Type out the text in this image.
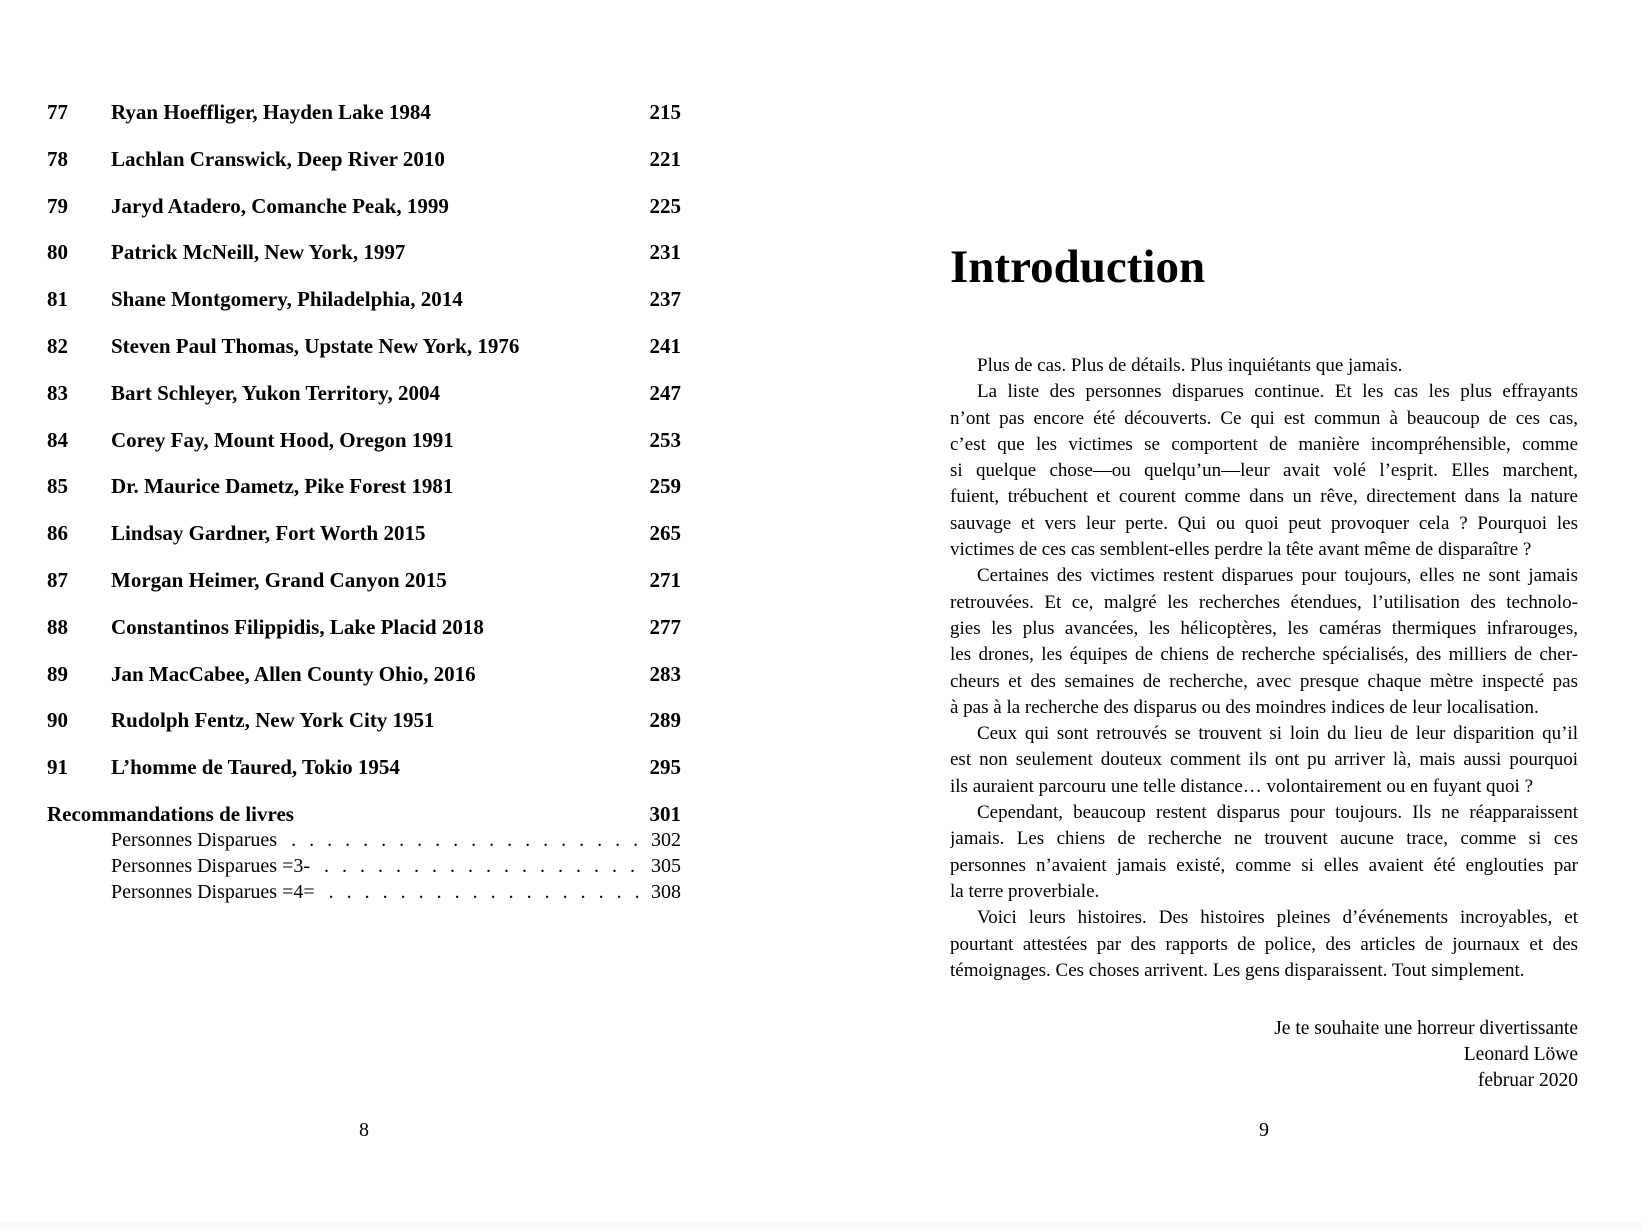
77	Ryan Hoeffliger, Hayden Lake 1984	215
78	Lachlan Cranswick, Deep River 2010	221
79	Jaryd Atadero, Comanche Peak, 1999	225
80	Patrick McNeill, New York, 1997	231
81	Shane Montgomery, Philadelphia, 2014	237
82	Steven Paul Thomas, Upstate New York, 1976	241
83	Bart Schleyer, Yukon Territory, 2004	247
84	Corey Fay, Mount Hood, Oregon 1991	253
85	Dr. Maurice Dametz, Pike Forest 1981	259
86	Lindsay Gardner, Fort Worth 2015	265
87	Morgan Heimer, Grand Canyon 2015	271
88	Constantinos Filippidis, Lake Placid 2018	277
89	Jan MacCabee, Allen County Ohio, 2016	283
90	Rudolph Fentz, New York City 1951	289
91	L’homme de Taured, Tokio 1954	295
Recommandations de livres	301
Personnes Disparues . . .	302
Personnes Disparues =3- . . .	305
Personnes Disparues =4= . . .	308
8
Introduction
Plus de cas. Plus de détails. Plus inquiétants que jamais.
La liste des personnes disparues continue. Et les cas les plus effrayants
n’ont pas encore été découverts. Ce qui est commun à beaucoup de ces cas,
c’est que les victimes se comportent de manière incompréhensible, comme
si quelque chose—ou quelqu’un—leur avait volé l’esprit. Elles marchent,
fuient, trébuchent et courent comme dans un rêve, directement dans la nature
sauvage et vers leur perte. Qui ou quoi peut provoquer cela ? Pourquoi les
victimes de ces cas semblent-elles perdre la tête avant même de disparaître ?
Certaines des victimes restent disparues pour toujours, elles ne sont jamais
retrouvées. Et ce, malgré les recherches étendues, l’utilisation des technolo-
gies les plus avancées, les hélicoptères, les caméras thermiques infrarouges,
les drones, les équipes de chiens de recherche spécialisés, des milliers de cher-
cheurs et des semaines de recherche, avec presque chaque mètre inspecté pas
à pas à la recherche des disparus ou des moindres indices de leur localisation.
Ceux qui sont retrouvés se trouvent si loin du lieu de leur disparition qu’il
est non seulement douteux comment ils ont pu arriver là, mais aussi pourquoi
ils auraient parcouru une telle distance… volontairement ou en fuyant quoi ?
Cependant, beaucoup restent disparus pour toujours. Ils ne réapparaissent
jamais. Les chiens de recherche ne trouvent aucune trace, comme si ces
personnes n’avaient jamais existé, comme si elles avaient été englouties par
la terre proverbiale.
Voici leurs histoires. Des histoires pleines d’événements incroyables, et
pourtant attestées par des rapports de police, des articles de journaux et des
témoignages. Ces choses arrivent. Les gens disparaissent. Tout simplement.
Je te souhaite une horreur divertissante
Leonard Löwe
februar 2020
9
